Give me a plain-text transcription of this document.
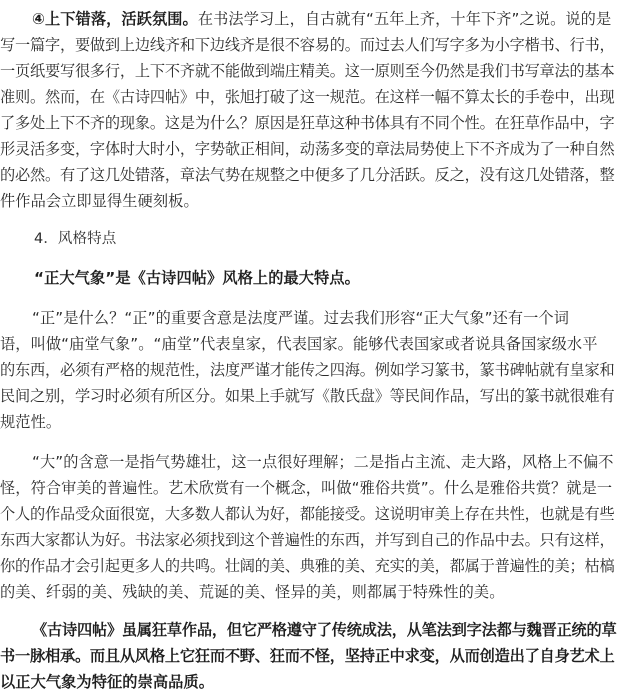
④上下错落，活跃氛围。在书法学习上，自古就有“五年上齐，十年下齐”之说。说的是
写一篇字，要做到上边线齐和下边线齐是很不容易的。而过去人们写字多为小字楷书、行书，
一页纸要写很多行，上下不齐就不能做到端庄精美。这一原则至今仍然是我们书写章法的基本
准则。然而，在《古诗四帖》中，张旭打破了这一规范。在这样一幅不算太长的手卷中，出现
了多处上下不齐的现象。这是为什么？原因是狂草这种书体具有不同个性。在狂草作品中，字
形灵活多变，字体时大时小，字势欹正相间，动荡多变的章法局势使上下不齐成为了一种自然
的必然。有了这几处错落，章法气势在规整之中便多了几分活跃。反之，没有这几处错落，整
件作品会立即显得生硬刻板。
4．风格特点
“正大气象”是《古诗四帖》风格上的最大特点。
“正”是什么？“正”的重要含意是法度严谨。过去我们形容“正大气象”还有一个词
语，叫做“庙堂气象”。“庙堂”代表皇家，代表国家。能够代表国家或者说具备国家级水平
的东西，必须有严格的规范性，法度严谨才能传之四海。例如学习篆书，篆书碑帖就有皇家和
民间之别，学习时必须有所区分。如果上手就写《散氏盘》等民间作品，写出的篆书就很难有
规范性。
“大”的含意一是指气势雄壮，这一点很好理解；二是指占主流、走大路，风格上不偏不
怪，符合审美的普遍性。艺术欣赏有一个概念，叫做“雅俗共赏”。什么是雅俗共赏？就是一
个人的作品受众面很宽，大多数人都认为好，都能接受。这说明审美上存在共性，也就是有些
东西大家都认为好。书法家必须找到这个普遍性的东西，并写到自己的作品中去。只有这样，
你的作品才会引起更多人的共鸣。壮阔的美、典雅的美、充实的美，都属于普遍性的美；枯槁
的美、纤弱的美、残缺的美、荒诞的美、怪异的美，则都属于特殊性的美。
《古诗四帖》虽属狂草作品，但它严格遵守了传统成法，从笔法到字法都与魏晋正统的草
书一脉相承。而且从风格上它狂而不野、狂而不怪，坚持正中求变，从而创造出了自身艺术上
以正大气象为特征的崇高品质。
